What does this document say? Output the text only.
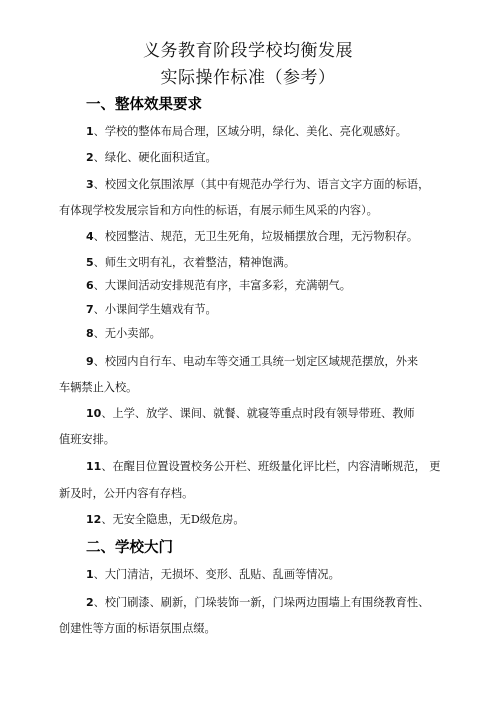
义务教育阶段学校均衡发展
实际操作标准（参考）
一、整体效果要求
1、学校的整体布局合理，区域分明，绿化、美化、亮化观感好。
2、绿化、硬化面积适宜。
3、校园文化氛围浓厚（其中有规范办学行为、语言文字方面的标语，
有体现学校发展宗旨和方向性的标语，有展示师生风采的内容）。
4、校园整洁、规范，无卫生死角，垃圾桶摆放合理，无污物积存。
5、师生文明有礼，衣着整洁，精神饱满。
6、大课间活动安排规范有序，丰富多彩，充满朝气。
7、小课间学生嬉戏有节。
8、无小卖部。
9、校园内自行车、电动车等交通工具统一划定区域规范摆放，外来
车辆禁止入校。
10、上学、放学、课间、就餐、就寝等重点时段有领导带班、教师
值班安排。
11、在醒目位置设置校务公开栏、班级量化评比栏，内容清晰规范， 更
新及时，公开内容有存档。
12、无安全隐患，无D级危房。
二、学校大门
1、大门清洁，无损坏、变形、乱贴、乱画等情况。
2、校门刷漆、刷新，门垛装饰一新，门垛两边围墙上有围绕教育性、
创建性等方面的标语氛围点缀。
